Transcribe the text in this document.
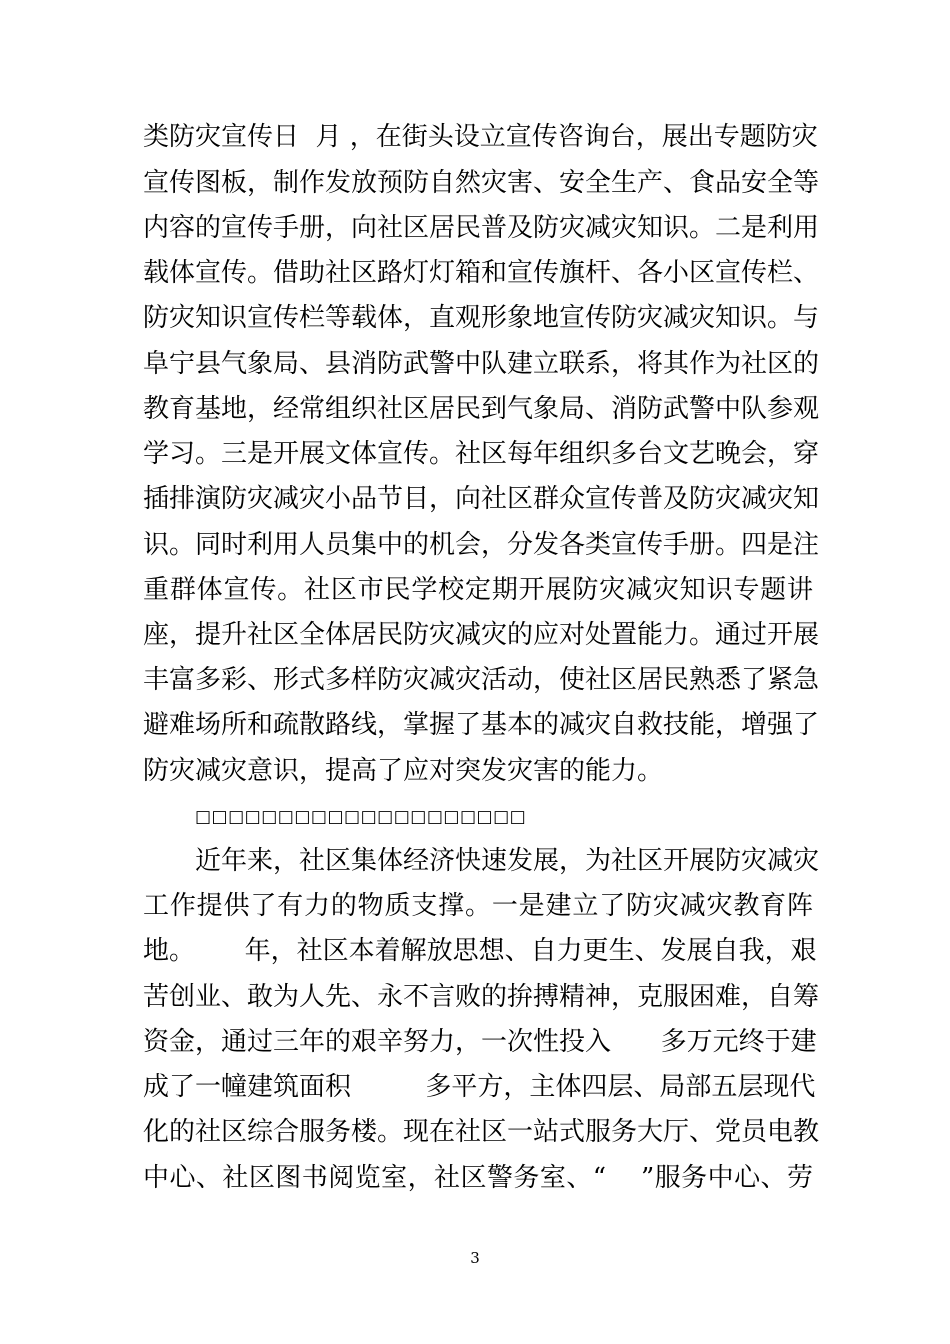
类防灾宣传日  月 ，在街头设立宣传咨询台，展出专题防灾
宣传图板，制作发放预防自然灾害、安全生产、食品安全等
内容的宣传手册，向社区居民普及防灾减灾知识。二是利用
载体宣传。借助社区路灯灯箱和宣传旗杆、各小区宣传栏、
防灾知识宣传栏等载体，直观形象地宣传防灾减灾知识。与
阜宁县气象局、县消防武警中队建立联系，将其作为社区的
教育基地，经常组织社区居民到气象局、消防武警中队参观
学习。三是开展文体宣传。社区每年组织多台文艺晚会，穿
插排演防灾减灾小品节目，向社区群众宣传普及防灾减灾知
识。同时利用人员集中的机会，分发各类宣传手册。四是注
重群体宣传。社区市民学校定期开展防灾减灾知识专题讲
座，提升社区全体居民防灾减灾的应对处置能力。通过开展
丰富多彩、形式多样防灾减灾活动，使社区居民熟悉了紧急
避难场所和疏散路线，掌握了基本的减灾自救技能，增强了
防灾减灾意识，提高了应对突发灾害的能力。
□□□□□□□□□□□□□□□□□□□□
近年来，社区集体经济快速发展，为社区开展防灾减灾
工作提供了有力的物质支撑。一是建立了防灾减灾教育阵
地。      年，社区本着解放思想、自力更生、发展自我，艰
苦创业、敢为人先、永不言败的拚搏精神，克服困难，自筹
资金，通过三年的艰辛努力，一次性投入      多万元终于建
成了一幢建筑面积         多平方，主体四层、局部五层现代
化的社区综合服务楼。现在社区一站式服务大厅、党员电教
中心、社区图书阅览室，社区警务室、“    ”服务中心、劳
3
